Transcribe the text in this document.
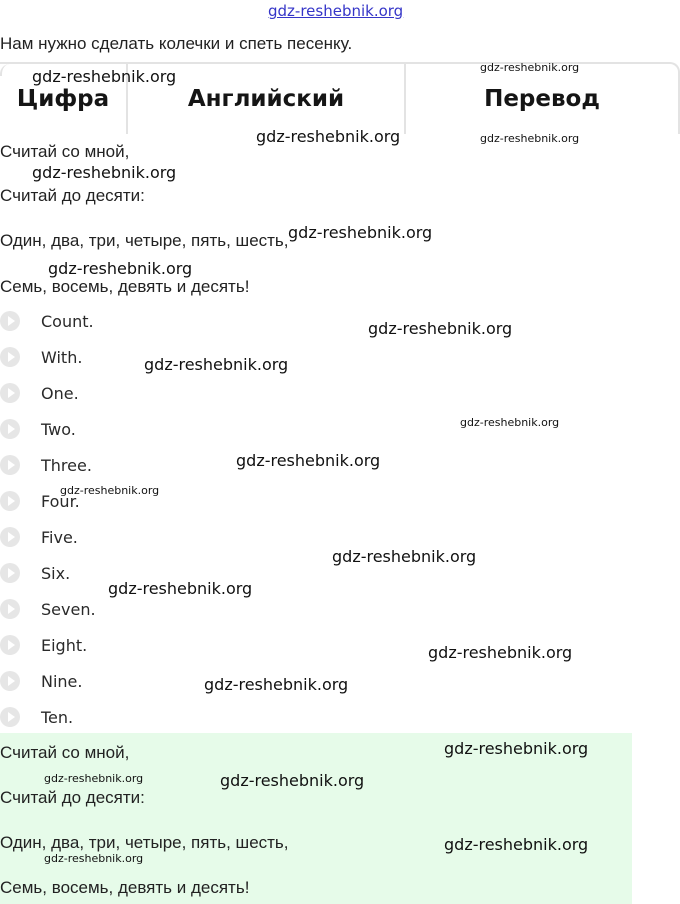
gdz-reshebnik.org
Нам нужно сделать колечки и спеть песенку.
Цифра	Английский	Перевод
Считай со мной,
Считай до десяти:
Один, два, три, четыре, пять, шесть,
Семь, восемь, девять и десять!
Count.
With.
One.
Two.
Three.
Four.
Five.
Six.
Seven.
Eight.
Nine.
Ten.
Считай со мной,
Считай до десяти:
Один, два, три, четыре, пять, шесть,
Семь, восемь, девять и десять!
gdz-reshebnik.org	gdz-reshebnik.org
gdz-reshebnik.org	gdz-reshebnik.org
gdz-reshebnik.org
gdz-reshebnik.org
gdz-reshebnik.org
gdz-reshebnik.org
gdz-reshebnik.org
gdz-reshebnik.org
gdz-reshebnik.org
gdz-reshebnik.org
gdz-reshebnik.org
gdz-reshebnik.org
gdz-reshebnik.org
gdz-reshebnik.org
gdz-reshebnik.org
gdz-reshebnik.org	gdz-reshebnik.org
gdz-reshebnik.org
gdz-reshebnik.org
